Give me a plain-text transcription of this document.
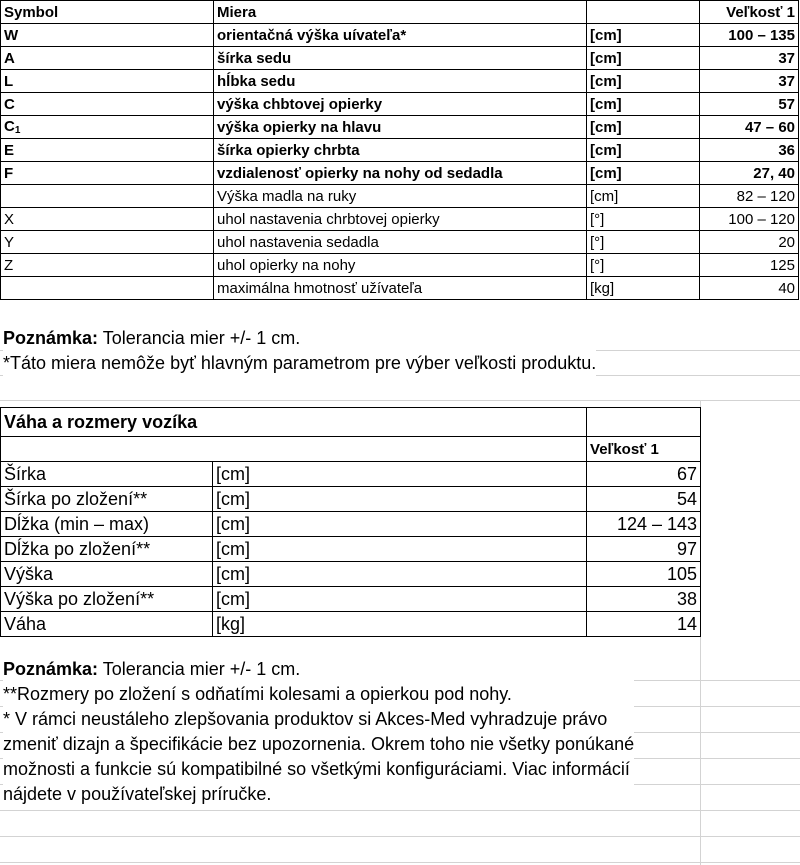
Symbol	Miera		Veľkosť 1
W	orientačná výška uívateľa*	[cm]	100 – 135
A	šírka sedu	[cm]	37
L	hĺbka sedu	[cm]	37
C	výška chbtovej opierky	[cm]	57
C1	výška opierky na hlavu	[cm]	47 – 60
E	šírka opierky chrbta	[cm]	36
F	vzdialenosť opierky na nohy od sedadla	[cm]	27, 40
	Výška madla na ruky	[cm]	82 – 120
X	uhol nastavenia chrbtovej opierky	[°]	100 – 120
Y	uhol nastavenia sedadla	[°]	20
Z	uhol opierky na nohy	[°]	125
	maximálna hmotnosť užívateľa	[kg]	40
Poznámka: Tolerancia mier +/- 1 cm.
*Táto miera nemôže byť hlavným parametrom pre výber veľkosti produktu.
Váha a rozmery vozíka		
		Veľkosť 1
Šírka	[cm]	67
Šírka po zložení**	[cm]	54
Dĺžka (min – max)	[cm]	124 – 143
Dĺžka po zložení**	[cm]	97
Výška	[cm]	105
Výška po zložení**	[cm]	38
Váha	[kg]	14
Poznámka: Tolerancia mier +/- 1 cm.
**Rozmery po zložení s odňatími kolesami a opierkou pod nohy.
* V rámci neustáleho zlepšovania produktov si Akces-Med vyhradzuje právo
zmeniť dizajn a špecifikácie bez upozornenia. Okrem toho nie všetky ponúkané
možnosti a funkcie sú kompatibilné so všetkými konfiguráciami. Viac informácií
nájdete v používateľskej príručke.
